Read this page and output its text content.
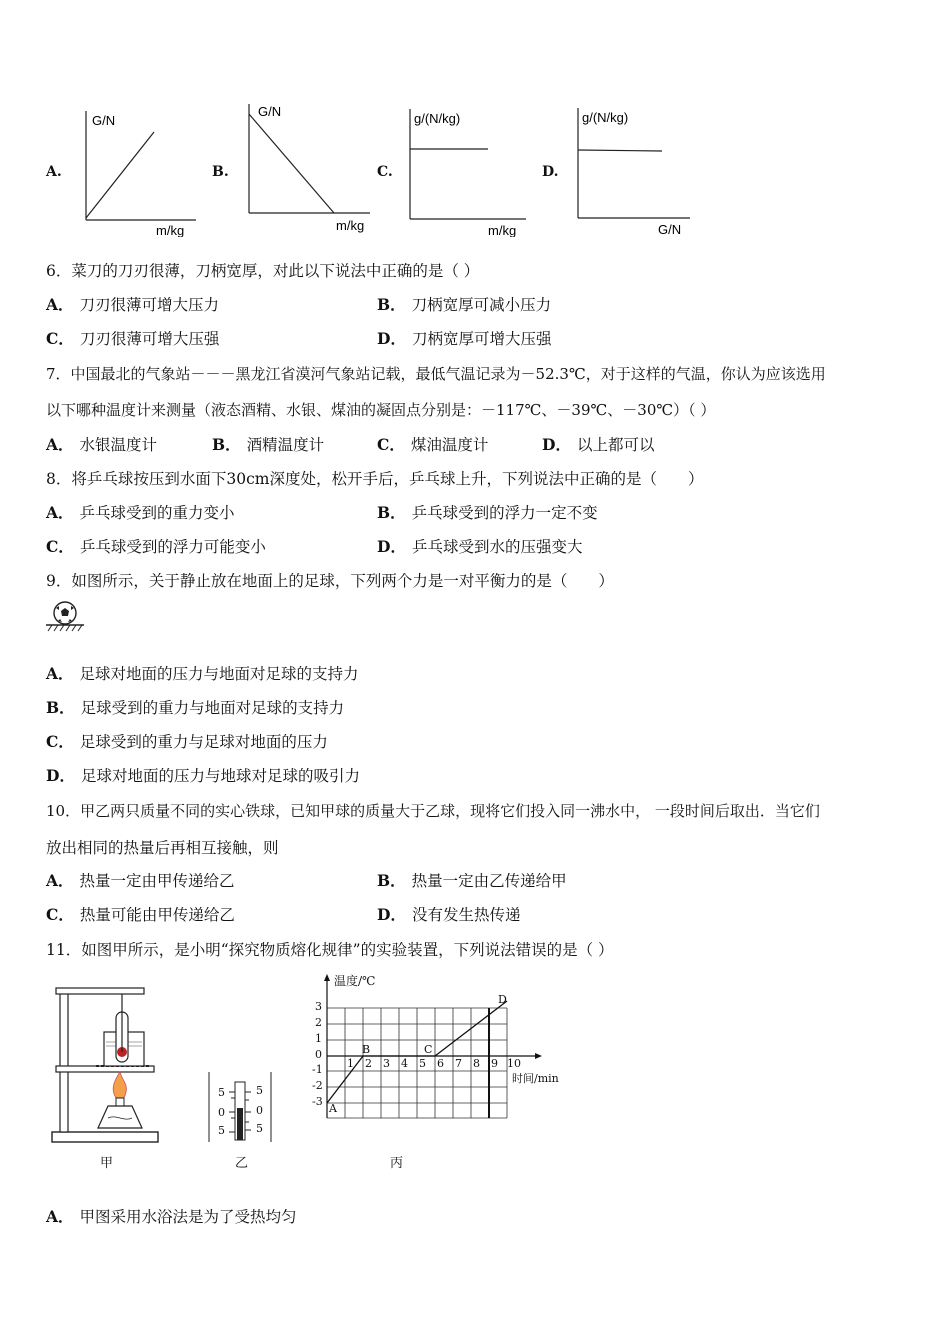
A.
G/N
m/kg
B.
G/N
m/kg
C.
g/(N/kg)
m/kg
D.
g/(N/kg)
G/N
6．菜刀的刀刃很薄，刀柄宽厚，对此以下说法中正确的是（ ）
A． 刀刃很薄可增大压力	B． 刀柄宽厚可减小压力
C． 刀刃很薄可增大压强	D． 刀柄宽厚可增大压强
7．中国最北的气象站－－－黑龙江省漠河气象站记载，最低气温记录为－52.3℃，对于这样的气温，你认为应该选用
以下哪种温度计来测量（液态酒精、水银、煤油的凝固点分别是：－117℃、－39℃、－30℃）（ ）
A． 水银温度计	B． 酒精温度计	C． 煤油温度计	D． 以上都可以
8．将乒乓球按压到水面下30cm深度处，松开手后，乒乓球上升，下列说法中正确的是（　　）
A． 乒乓球受到的重力变小	B． 乒乓球受到的浮力一定不变
C． 乒乓球受到的浮力可能变小	D． 乒乓球受到水的压强变大
9．如图所示，关于静止放在地面上的足球，下列两个力是一对平衡力的是（　　）
A． 足球对地面的压力与地面对足球的支持力
B． 足球受到的重力与地面对足球的支持力
C． 足球受到的重力与足球对地面的压力
D． 足球对地面的压力与地球对足球的吸引力
10．甲乙两只质量不同的实心铁球，已知甲球的质量大于乙球，现将它们投入同一沸水中， 一段时间后取出．当它们
放出相同的热量后再相互接触，则
A． 热量一定由甲传递给乙	B． 热量一定由乙传递给甲
C． 热量可能由甲传递给乙	D． 没有发生热传递
11．如图甲所示，是小明“探究物质熔化规律”的实验装置，下列说法错误的是（ ）
甲
5
0
5
5
0
5
乙
温度/℃
时间/min
3
2
1
0
-1
-2
-3
1 2 3 4 5 6 7 8 9 10
A
B	C
D
丙
A． 甲图采用水浴法是为了受热均匀
